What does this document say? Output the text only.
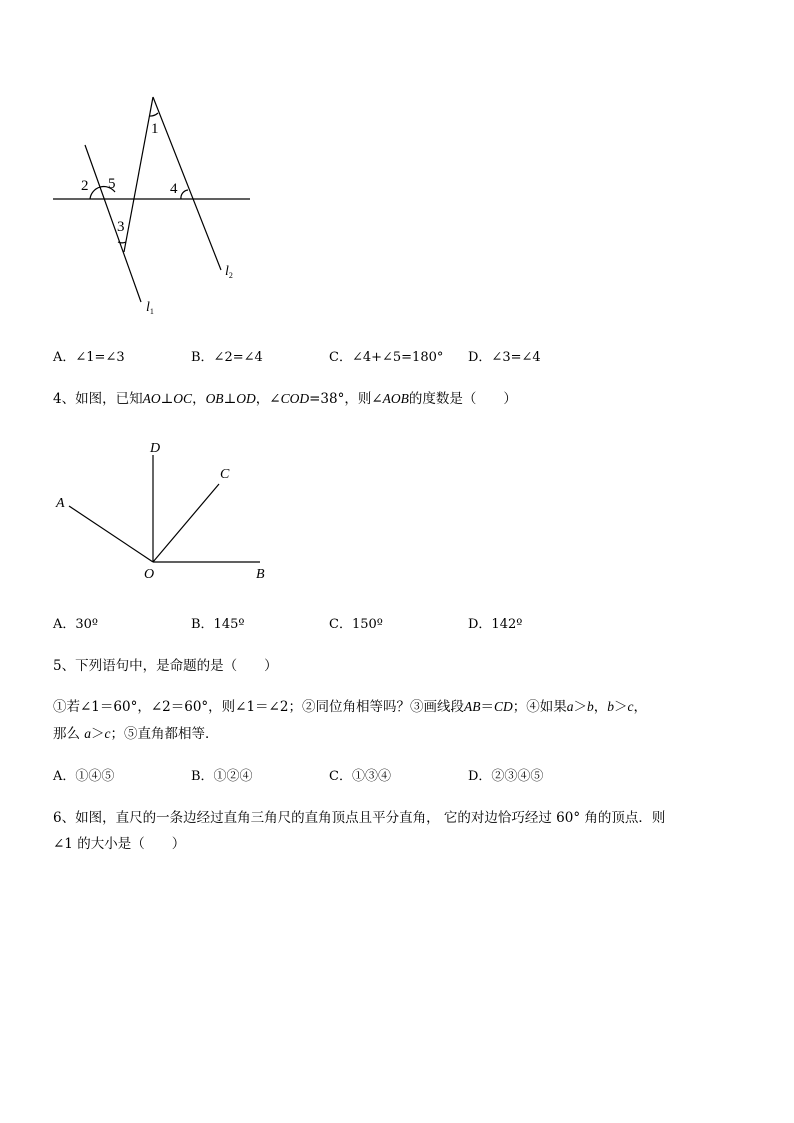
1
2 5	4
3
$l_2$
$l_1$
A．∠1=∠3	B．∠2=∠4	C．∠4+∠5=180° D．∠3=∠4
4、如图，已知AO⊥OC，OB⊥OD，∠COD=38°，则∠AOB的度数是（　　）
D
C
A
O	B
A．30º	B．145º	C．150º	D．142º
5、下列语句中，是命题的是（　　）
①若∠1＝60°，∠2＝60°，则∠1＝∠2；②同位角相等吗？③画线段AB＝CD；④如果a＞b，b＞c，
那么 a＞c；⑤直角都相等．
A．①④⑤	B．①②④	C．①③④	D．②③④⑤
6、如图，直尺的一条边经过直角三角尺的直角顶点且平分直角， 它的对边恰巧经过 60° 角的顶点．则
∠1 的大小是（　　）
